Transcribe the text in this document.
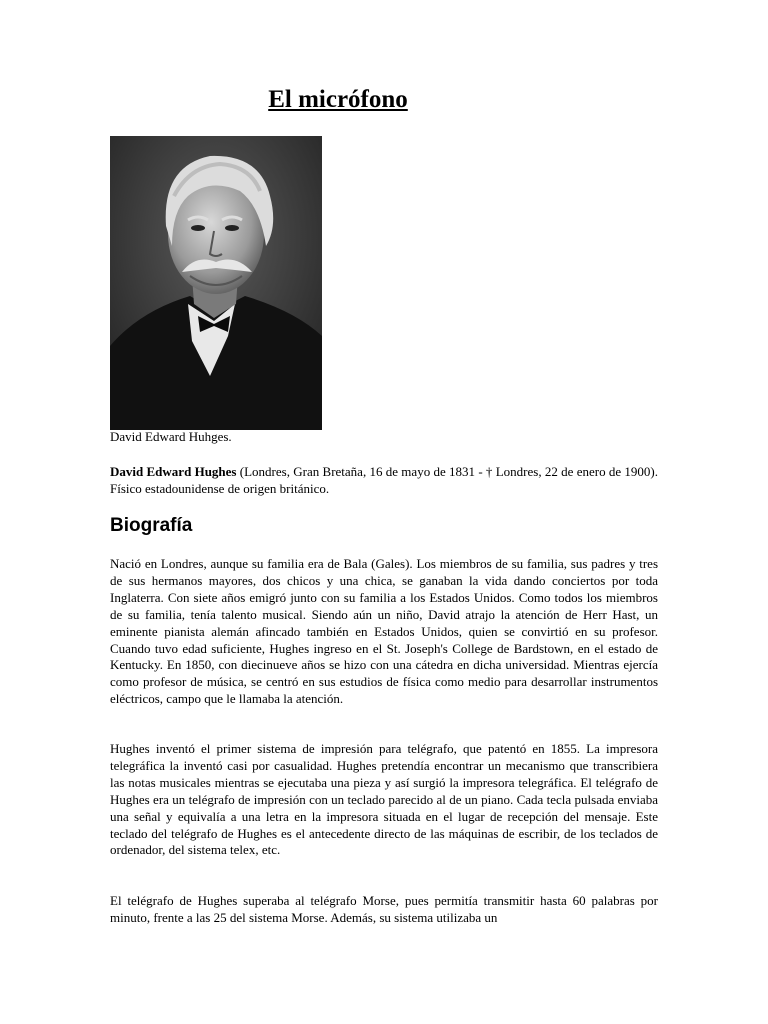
El micrófono

David Edward Huhges.

David Edward Hughes (Londres, Gran Bretaña, 16 de mayo de 1831 - † Londres, 22 de enero de 1900). Físico estadounidense de origen británico.

Biografía

Nació en Londres, aunque su familia era de Bala (Gales). Los miembros de su familia, sus padres y tres de sus hermanos mayores, dos chicos y una chica, se ganaban la vida dando conciertos por toda Inglaterra. Con siete años emigró junto con su familia a los Estados Unidos. Como todos los miembros de su familia, tenía talento musical. Siendo aún un niño, David atrajo la atención de Herr Hast, un eminente pianista alemán afincado también en Estados Unidos, quien se convirtió en su profesor. Cuando tuvo edad suficiente, Hughes ingreso en el St. Joseph's College de Bardstown, en el estado de Kentucky. En 1850, con diecinueve años se hizo con una cátedra en dicha universidad. Mientras ejercía como profesor de música, se centró en sus estudios de física como medio para desarrollar instrumentos eléctricos, campo que le llamaba la atención.

Hughes inventó el primer sistema de impresión para telégrafo, que patentó en 1855. La impresora telegráfica la inventó casi por casualidad. Hughes pretendía encontrar un mecanismo que transcribiera las notas musicales mientras se ejecutaba una pieza y así surgió la impresora telegráfica. El telégrafo de Hughes era un telégrafo de impresión con un teclado parecido al de un piano. Cada tecla pulsada enviaba una señal y equivalía a una letra en la impresora situada en el lugar de recepción del mensaje. Este teclado del telégrafo de Hughes es el antecedente directo de las máquinas de escribir, de los teclados de ordenador, del sistema telex, etc.

El telégrafo de Hughes superaba al telégrafo Morse, pues permitía transmitir hasta 60 palabras por minuto, frente a las 25 del sistema Morse. Además, su sistema utilizaba un
